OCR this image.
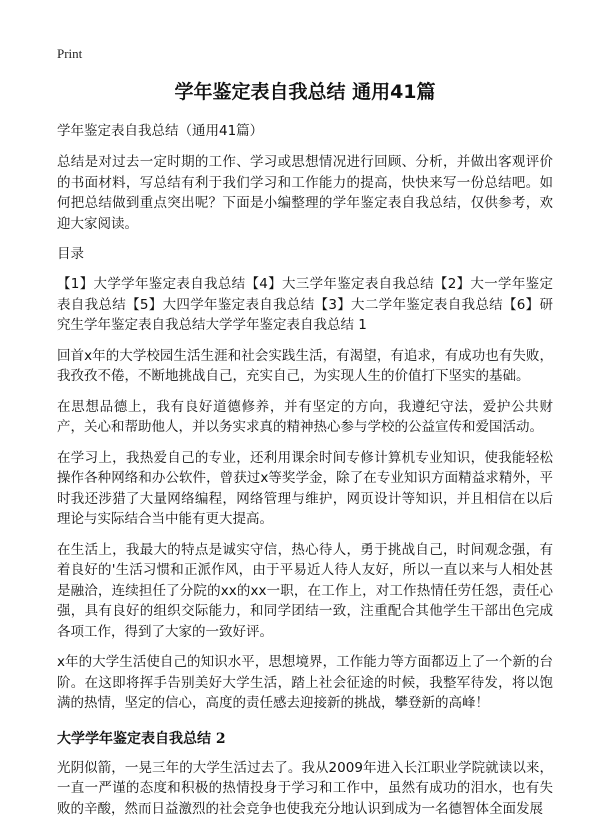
Print
学年鉴定表自我总结 通用41篇
学年鉴定表自我总结（通用41篇）

总结是对过去一定时期的工作、学习或思想情况进行回顾、分析，并做出客观评价的书面材料，写总结有利于我们学习和工作能力的提高，快快来写一份总结吧。如何把总结做到重点突出呢？下面是小编整理的学年鉴定表自我总结，仅供参考，欢迎大家阅读。

目录
【1】大学学年鉴定表自我总结【4】大三学年鉴定表自我总结【2】大一学年鉴定表自我总结【5】大四学年鉴定表自我总结【3】大二学年鉴定表自我总结【6】研究生学年鉴定表自我总结大学学年鉴定表自我总结 1

回首x年的大学校园生活生涯和社会实践生活，有渴望，有追求，有成功也有失败，我孜孜不倦，不断地挑战自己，充实自己，为实现人生的价值打下坚实的基础。

在思想品德上，我有良好道德修养，并有坚定的方向，我遵纪守法，爱护公共财产，关心和帮助他人，并以务实求真的精神热心参与学校的公益宣传和爱国活动。

在学习上，我热爱自己的专业，还利用课余时间专修计算机专业知识，使我能轻松操作各种网络和办公软件，曾获过x等奖学金，除了在专业知识方面精益求精外，平时我还涉猎了大量网络编程，网络管理与维护，网页设计等知识，并且相信在以后理论与实际结合当中能有更大提高。

在生活上，我最大的特点是诚实守信，热心待人，勇于挑战自己，时间观念强，有着良好的'生活习惯和正派作风，由于平易近人待人友好，所以一直以来与人相处甚是融洽，连续担任了分院的xx的xx一职，在工作上，对工作热情任劳任怨，责任心强，具有良好的组织交际能力，和同学团结一致，注重配合其他学生干部出色完成各项工作，得到了大家的一致好评。

x年的大学生活使自己的知识水平，思想境界，工作能力等方面都迈上了一个新的台阶。在这即将挥手告别美好大学生活，踏上社会征途的时候，我整军待发，将以饱满的热情，坚定的信心，高度的责任感去迎接新的挑战，攀登新的高峰！

大学学年鉴定表自我总结 2

光阴似箭，一晃三年的大学生活过去了。我从2009年进入长江职业学院就读以来，一直一严谨的态度和积极的热情投身于学习和工作中，虽然有成功的泪水，也有失败的辛酸，然而日益激烈的社会竞争也使我充分地认识到成为一名德智体全面发展
